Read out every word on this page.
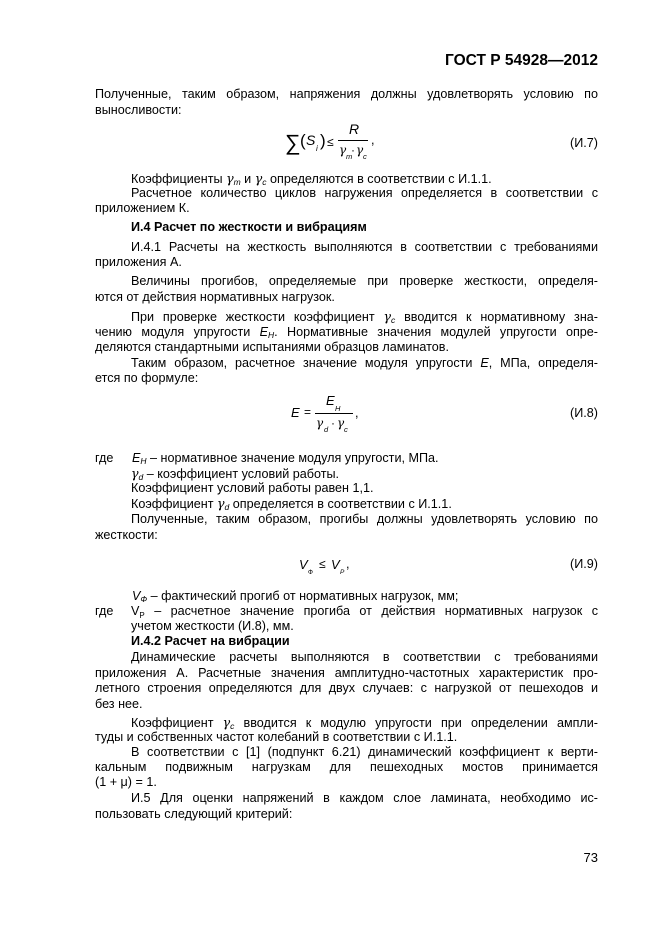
ГОСТ Р 54928—2012
Полученные, таким образом, напряжения должны удовлетворять условию по
выносливости:
∑ ( S
i ) ≤
R
γ m
· γ c
,	(И.7)
Коэффициенты $\gamma_m$ и $\gamma_c$ определяются в соответствии с И.1.1.
Расчетное количество циклов нагружения определяется в соответствии с
приложением К.
И.4 Расчет по жесткости и вибрациям
И.4.1 Расчеты на жесткость выполняются в соответствии с требованиями
приложения А.
Величины прогибов, определяемые при проверке жесткости, определя-
ются от действия нормативных нагрузок.
При проверке жесткости коэффициент $\gamma_c$ вводится к нормативному зна-
чению модуля упругости $E_H$. Нормативные значения модулей упругости опре-
деляются стандартными испытаниями образцов ламинатов.
Таким образом, расчетное значение модуля упругости E, МПа, определя-
ется по формуле:
E =
E
H
γ d · γ c
,	(И.8)
где $E_H$ – нормативное значение модуля упругости, МПа.
$\gamma_d$ – коэффициент условий работы.
Коэффициент условий работы равен 1,1.
Коэффициент $\gamma_d$ определяется в соответствии с И.1.1.
Полученные, таким образом, прогибы должны удовлетворять условию по
жесткости:
V
Ф
≤ V
P
,	(И.9)
$V_Ф$ – фактический прогиб от нормативных нагрузок, мм;
где $V_P$ – расчетное значение прогиба от действия нормативных нагрузок с
учетом жесткости (И.8), мм.
И.4.2 Расчет на вибрации
Динамические расчеты выполняются в соответствии с требованиями
приложения А. Расчетные значения амплитудно-частотных характеристик про-
летного строения определяются для двух случаев: с нагрузкой от пешеходов и
без нее.
Коэффициент $\gamma_c$ вводится к модулю упругости при определении ампли-
туды и собственных частот колебаний в соответствии с И.1.1.
В соответствии с [1] (подпункт 6.21) динамический коэффициент к верти-
кальным подвижным нагрузкам для пешеходных мостов принимается
(1 + μ) = 1.
И.5 Для оценки напряжений в каждом слое ламината, необходимо ис-
пользовать следующий критерий:
73
